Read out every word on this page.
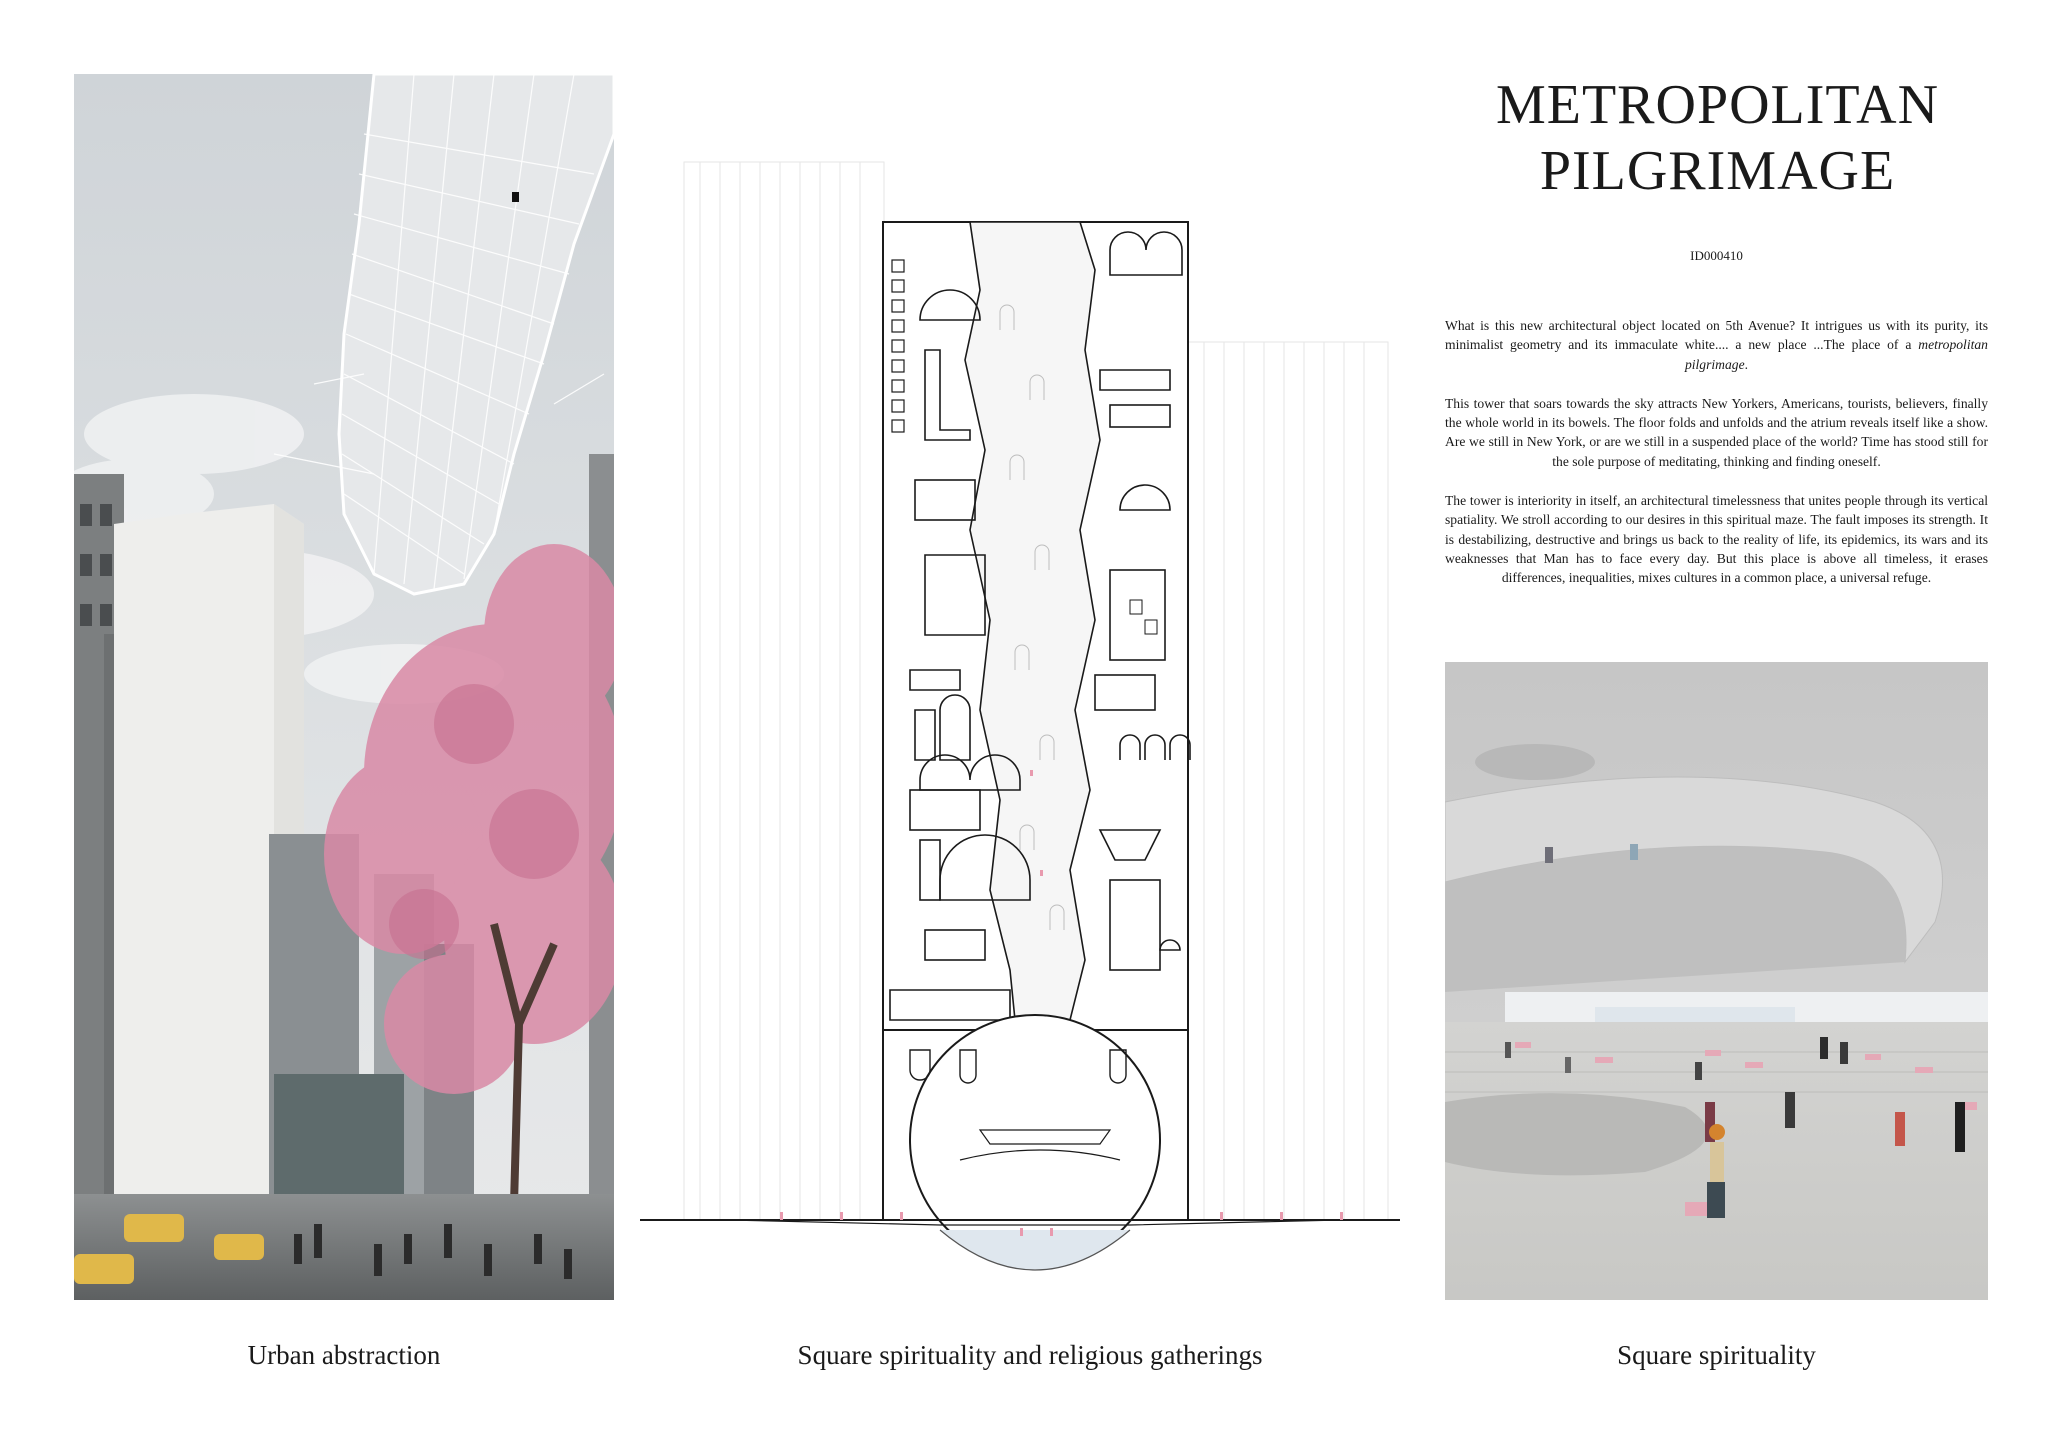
METROPOLITAN
PILGRIMAGE
ID000410

What is this new architectural object located on 5th Avenue? It intrigues us with its purity, its minimalist geometry and its immaculate white.... a new place ...The place of a metropolitan pilgrimage.

This tower that soars towards the sky attracts New Yorkers, Americans, tourists, believers, finally the whole world in its bowels. The floor folds and unfolds and the atrium reveals itself like a show. Are we still in New York, or are we still in a suspended place of the world? Time has stood still for the sole purpose of meditating, thinking and finding oneself.

The tower is interiority in itself, an architectural timelessness that unites people through its vertical spatiality. We stroll according to our desires in this spiritual maze. The fault imposes its strength. It is destabilizing, destructive and brings us back to the reality of life, its epidemics, its wars and its weaknesses that Man has to face every day. But this place is above all timeless, it erases differences, inequalities, mixes cultures in a common place, a universal refuge.

Urban abstraction	Square spirituality and religious gatherings	Square spirituality
